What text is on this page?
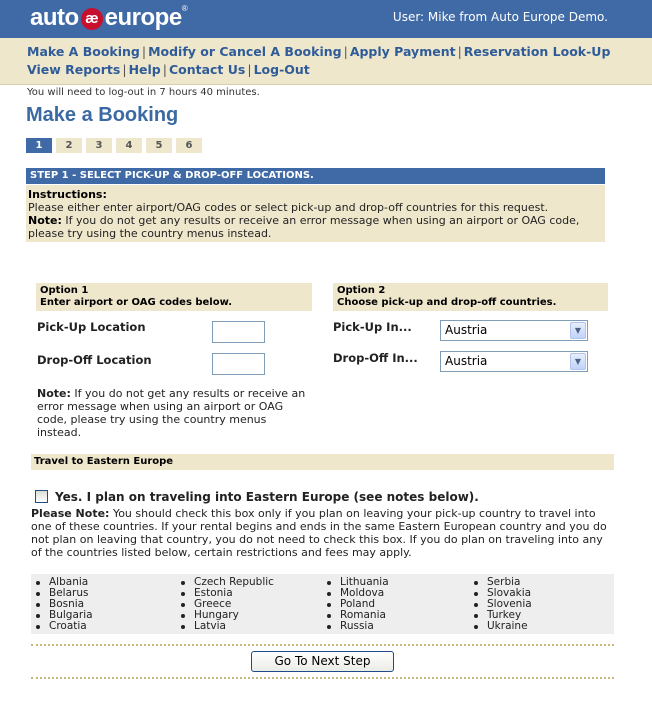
auto æ europe®
User: Mike from Auto Europe Demo.
Make A Booking | Modify or Cancel A Booking | Apply Payment | Reservation Look-Up
View Reports | Help | Contact Us | Log-Out
You will need to log-out in 7 hours 40 minutes.
Make a Booking
1	2	3	4	5	6
STEP 1 - SELECT PICK-UP & DROP-OFF LOCATIONS.
Instructions:
Please either enter airport/OAG codes or select pick-up and drop-off countries for this request.
Note: If you do not get any results or receive an error message when using an airport or OAG code, please try using the country menus instead.
Option 1
Enter airport or OAG codes below.
Pick-Up Location
Drop-Off Location
Note: If you do not get any results or receive an error message when using an airport or OAG code, please try using the country menus instead.
Option 2
Choose pick-up and drop-off countries.
Pick-Up In...	Austria	▼
Drop-Off In...	Austria	▼
Travel to Eastern Europe
Yes. I plan on traveling into Eastern Europe (see notes below).
Please Note: You should check this box only if you plan on leaving your pick-up country to travel into one of these countries. If your rental begins and ends in the same Eastern European country and you do not plan on leaving that country, you do not need to check this box. If you do plan on traveling into any of the countries listed below, certain restrictions and fees may apply.
Albania
Belarus
Bosnia
Bulgaria
Croatia
Czech Republic
Estonia
Greece
Hungary
Latvia
Lithuania
Moldova
Poland
Romania
Russia
Serbia
Slovakia
Slovenia
Turkey
Ukraine
Go To Next Step
